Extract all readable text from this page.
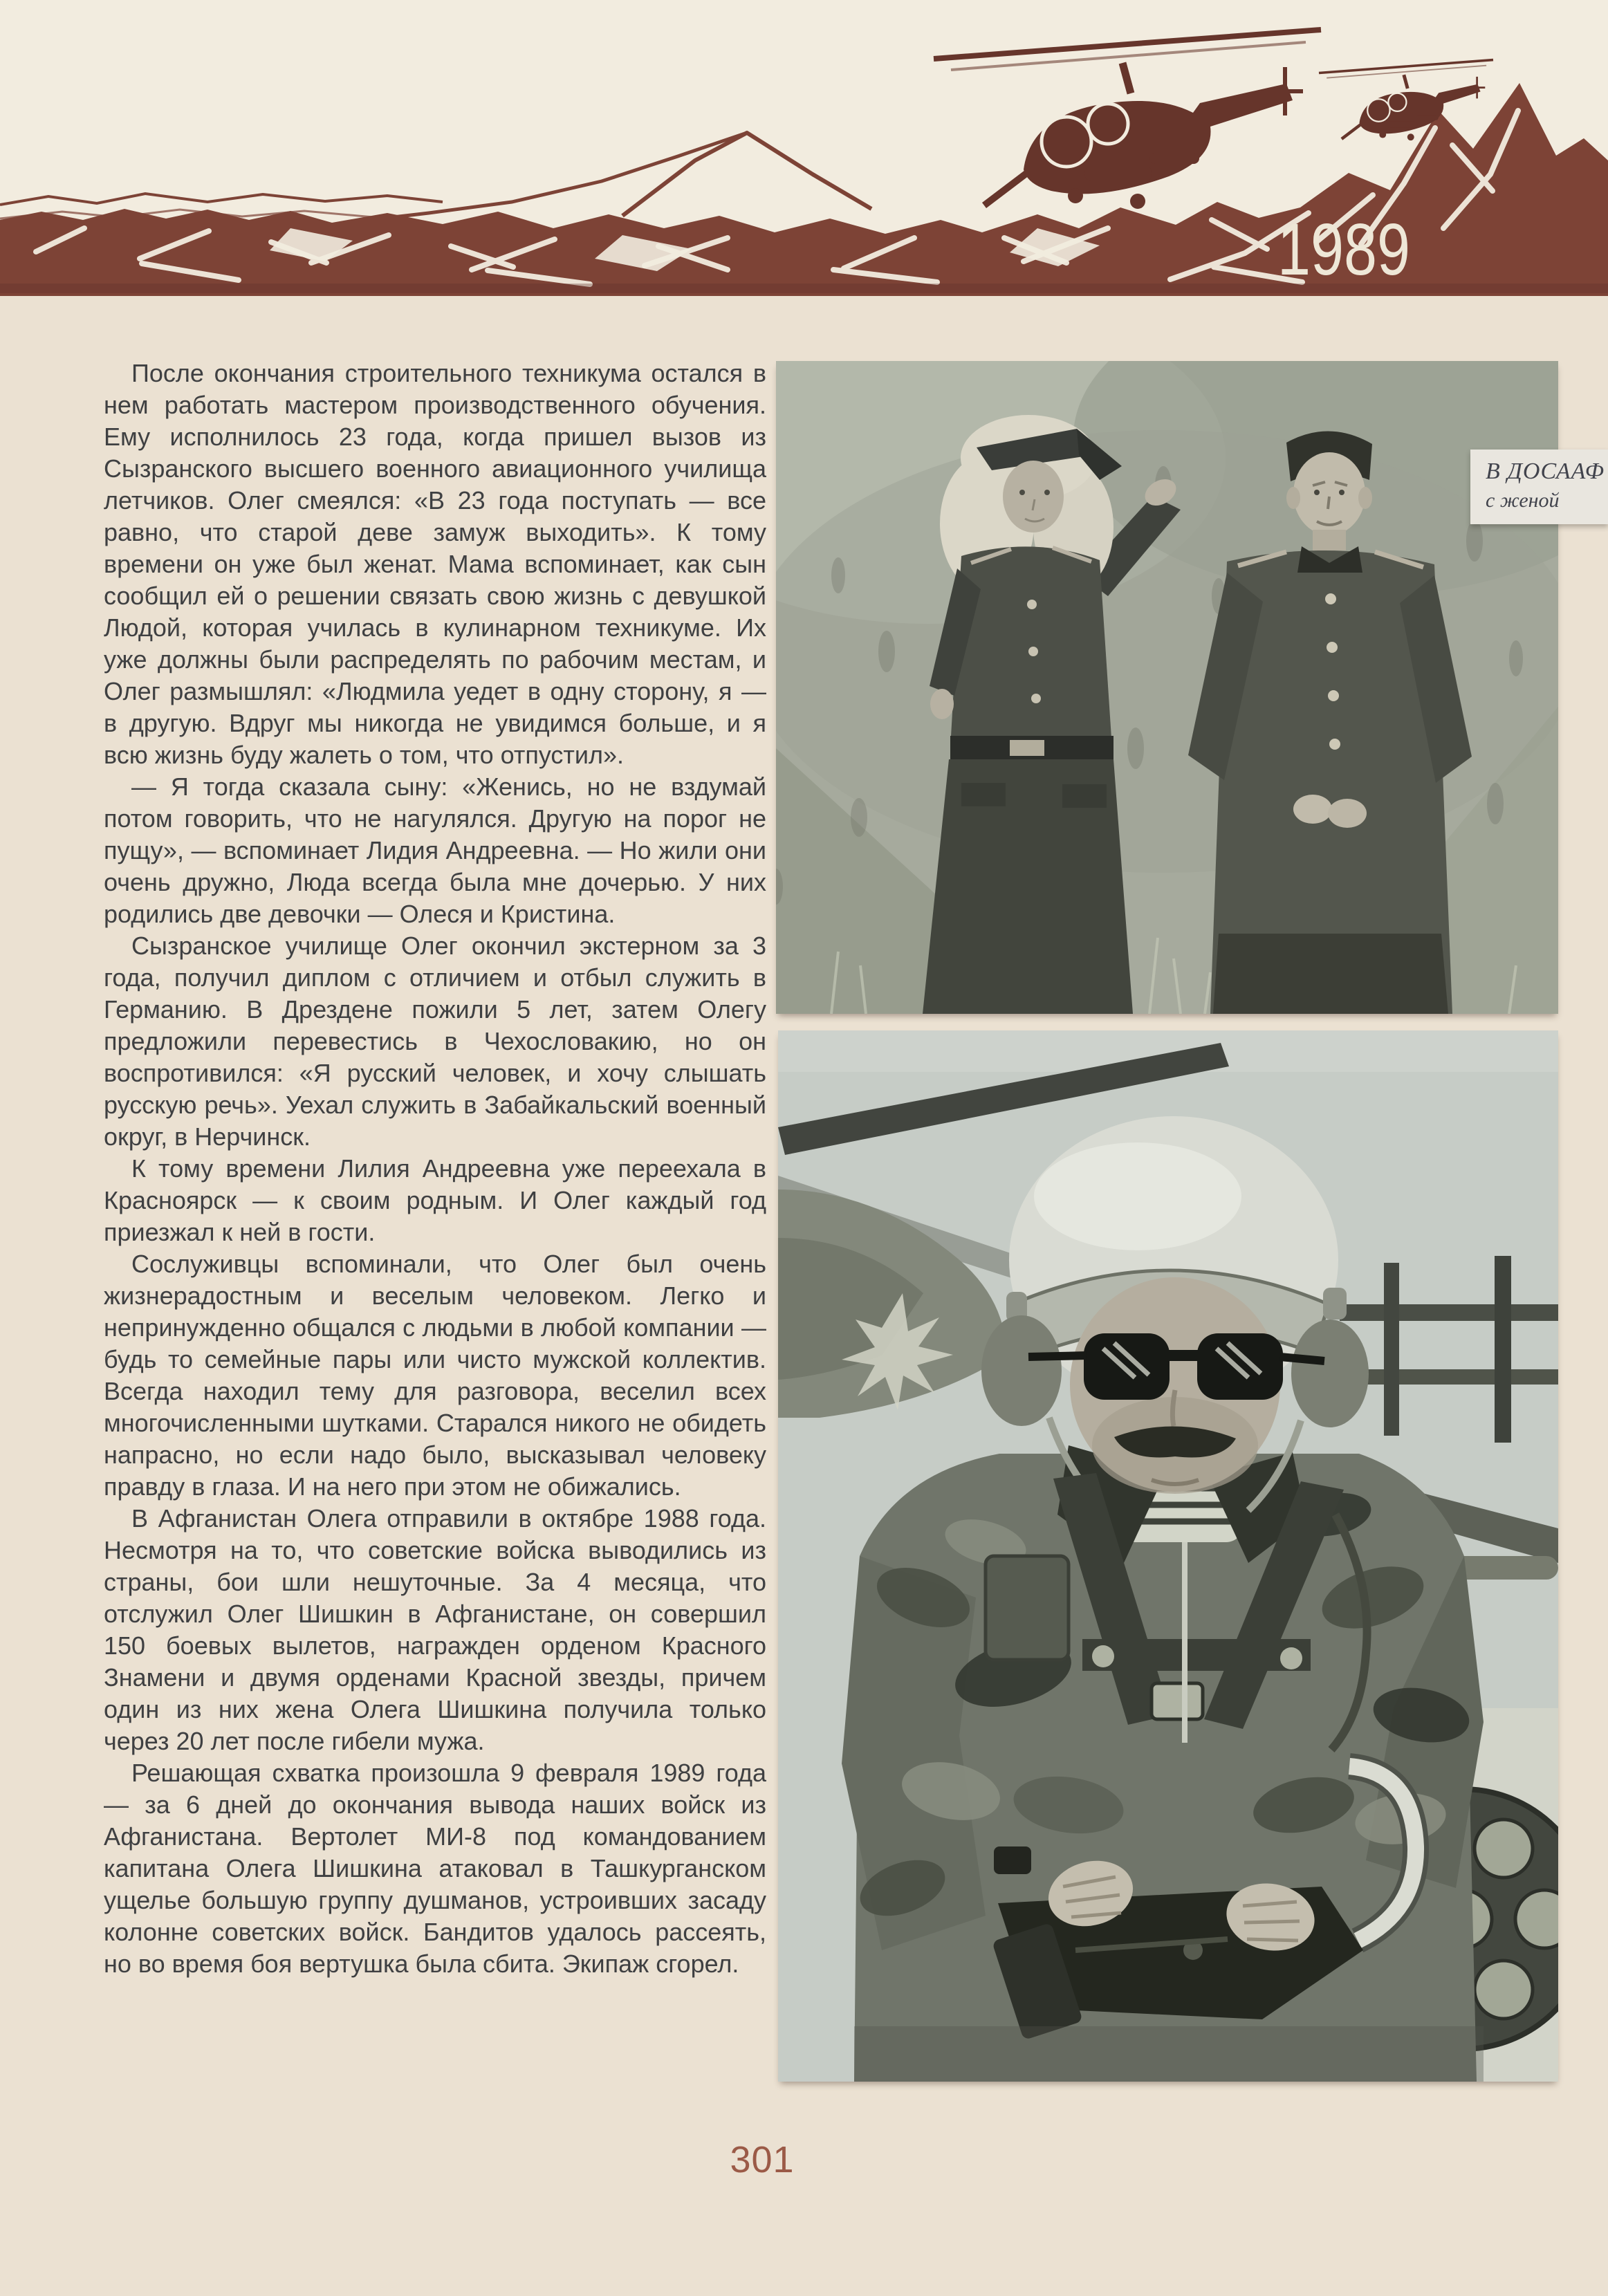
1989

После окончания строительного техникума остался в нем работать мастером производственного обучения. Ему исполнилось 23 года, когда пришел вызов из Сызранского высшего военного авиационного училища летчиков. Олег смеялся: «В 23 года поступать — все равно, что старой деве замуж выходить». К тому времени он уже был женат. Мама вспоминает, как сын сообщил ей о решении связать свою жизнь с девушкой Людой, которая училась в кулинарном техникуме. Их уже должны были распределять по рабочим местам, и Олег размышлял: «Людмила уедет в одну сторону, я — в другую. Вдруг мы никогда не увидимся больше, и я всю жизнь буду жалеть о том, что отпустил».

— Я тогда сказала сыну: «Женись, но не вздумай потом говорить, что не нагулялся. Другую на порог не пущу», — вспоминает Лидия Андреевна. — Но жили они очень дружно, Люда всегда была мне дочерью. У них родились две девочки — Олеся и Кристина.

Сызранское училище Олег окончил экстерном за 3 года, получил диплом с отличием и отбыл служить в Германию. В Дрездене пожили 5 лет, затем Олегу предложили перевестись в Чехословакию, но он воспротивился: «Я русский человек, и хочу слышать русскую речь». Уехал служить в Забайкальский военный округ, в Нерчинск.

К тому времени Лилия Андреевна уже переехала в Красноярск — к своим родным. И Олег каждый год приезжал к ней в гости.

Сослуживцы вспоминали, что Олег был очень жизнерадостным и веселым человеком. Легко и непринужденно общался с людьми в любой компании — будь то семейные пары или чисто мужской коллектив. Всегда находил тему для разговора, веселил всех многочисленными шутками. Старался никого не обидеть напрасно, но если надо было, высказывал человеку правду в глаза. И на него при этом не обижались.

В Афганистан Олега отправили в октябре 1988 года. Несмотря на то, что советские войска выводились из страны, бои шли нешуточные. За 4 месяца, что отслужил Олег Шишкин в Афганистане, он совершил 150 боевых вылетов, награжден орденом Красного Знамени и двумя орденами Красной звезды, причем один из них жена Олега Шишкина получила только через 20 лет после гибели мужа.

Решающая схватка произошла 9 февраля 1989 года — за 6 дней до окончания вывода наших войск из Афганистана. Вертолет МИ-8 под командованием капитана Олега Шишкина атаковал в Ташкурганском ущелье большую группу душманов, устроивших засаду колонне советских войск. Бандитов удалось рассеять, но во время боя вертушка была сбита. Экипаж сгорел.

В ДОСААФ
с женой
301
